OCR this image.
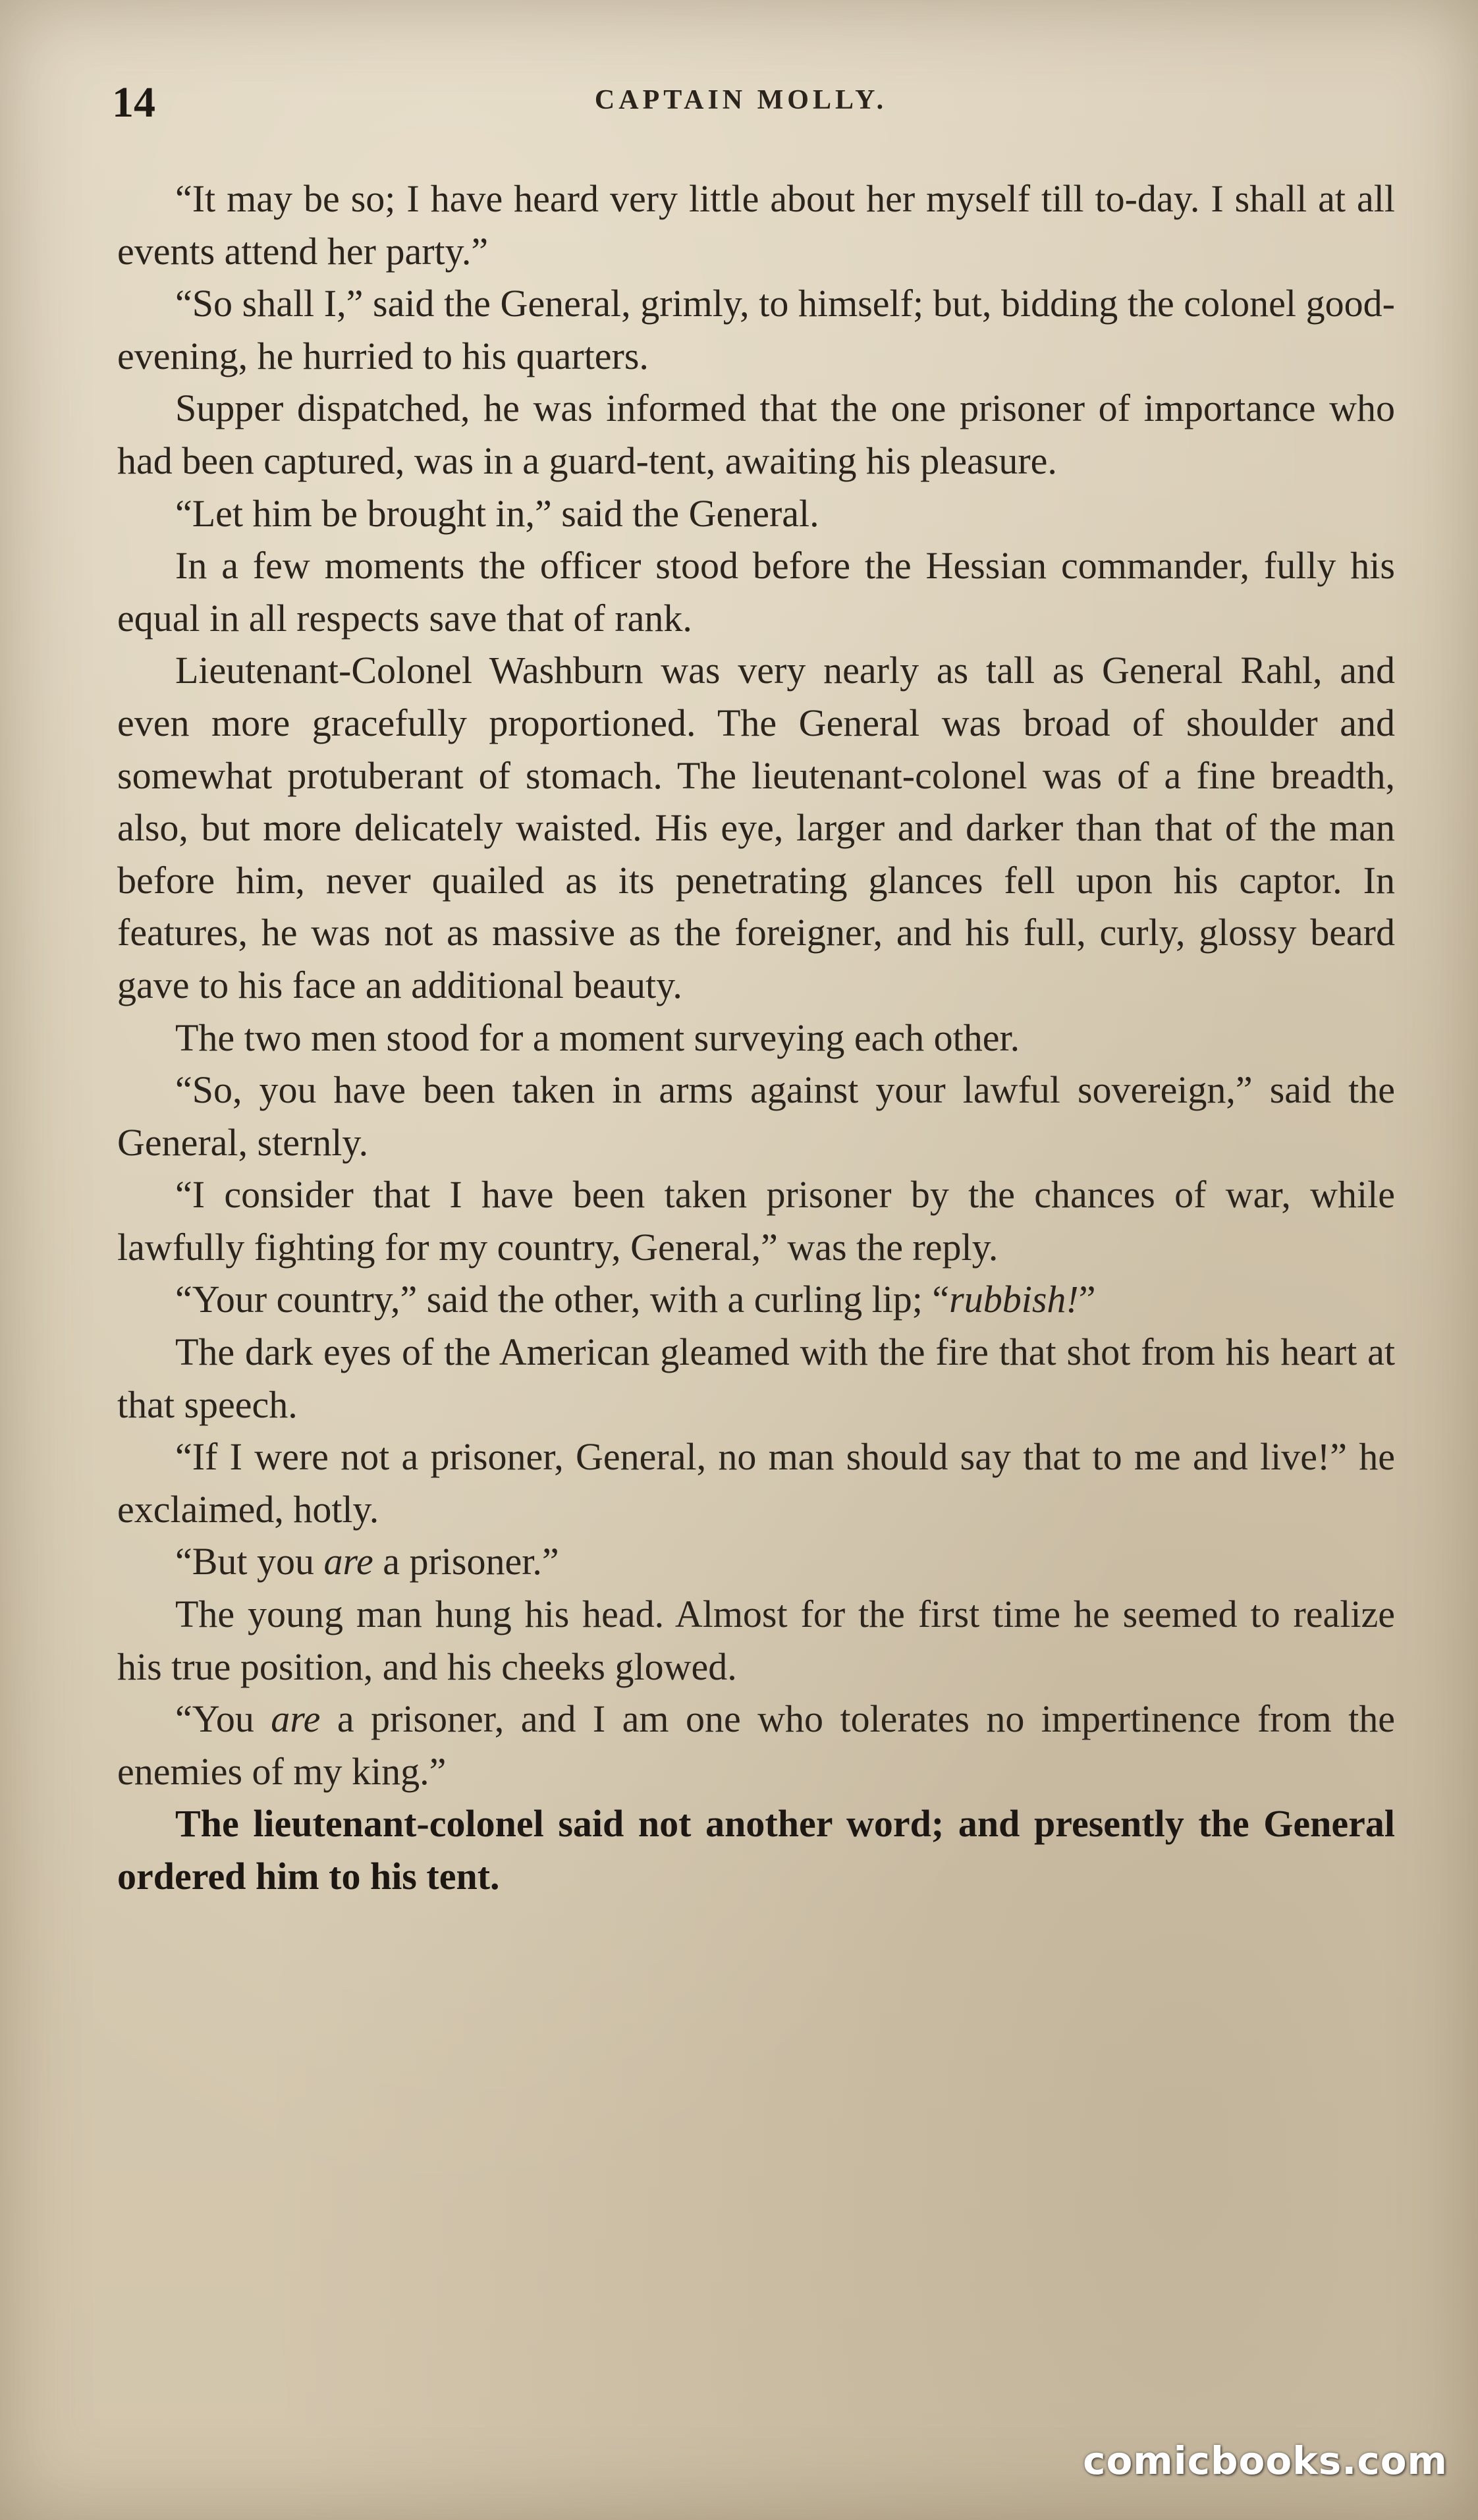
14	CAPTAIN MOLLY.

“It may be so; I have heard very little about her myself till to-day. I shall at all events attend her party.”

“So shall I,” said the General, grimly, to himself; but, bidding the colonel good-evening, he hurried to his quarters.

Supper dispatched, he was informed that the one prisoner of importance who had been captured, was in a guard-tent, awaiting his pleasure.

“Let him be brought in,” said the General.

In a few moments the officer stood before the Hessian commander, fully his equal in all respects save that of rank.

Lieutenant-Colonel Washburn was very nearly as tall as General Rahl, and even more gracefully proportioned. The General was broad of shoulder and somewhat protuberant of stomach. The lieutenant-colonel was of a fine breadth, also, but more delicately waisted. His eye, larger and darker than that of the man before him, never quailed as its penetrating glances fell upon his captor. In features, he was not as massive as the foreigner, and his full, curly, glossy beard gave to his face an additional beauty.

The two men stood for a moment surveying each other.

“So, you have been taken in arms against your lawful sovereign,” said the General, sternly.

“I consider that I have been taken prisoner by the chances of war, while lawfully fighting for my country, General,” was the reply.

“Your country,” said the other, with a curling lip; “rubbish!”

The dark eyes of the American gleamed with the fire that shot from his heart at that speech.

“If I were not a prisoner, General, no man should say that to me and live!” he exclaimed, hotly.

“But you are a prisoner.”

The young man hung his head. Almost for the first time he seemed to realize his true position, and his cheeks glowed.

“You are a prisoner, and I am one who tolerates no impertinence from the enemies of my king.”

The lieutenant-colonel said not another word; and presently the General ordered him to his tent.

comicbooks.com
